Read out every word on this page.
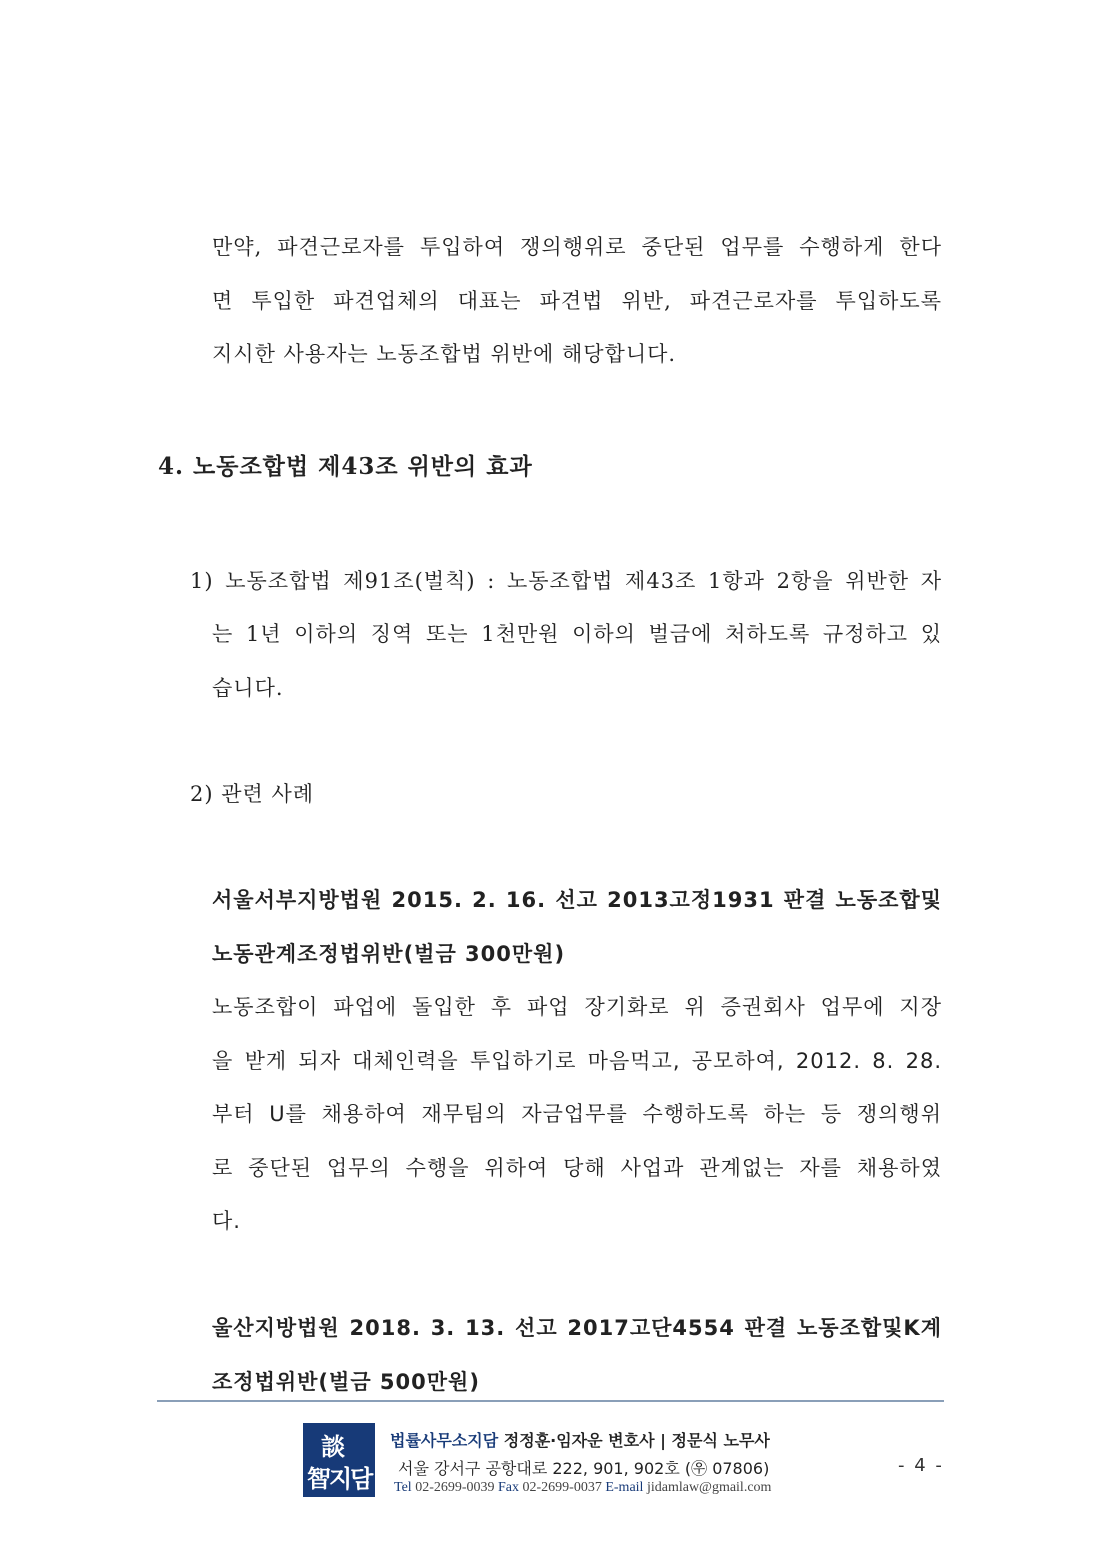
만약, 파견근로자를 투입하여 쟁의행위로 중단된 업무를 수행하게 한다
면 투입한 파견업체의 대표는 파견법 위반, 파견근로자를 투입하도록
지시한 사용자는 노동조합법 위반에 해당합니다.
4. 노동조합법 제43조 위반의 효과
1) 노동조합법 제91조(벌칙) : 노동조합법 제43조 1항과 2항을 위반한 자
는 1년 이하의 징역 또는 1천만원 이하의 벌금에 처하도록 규정하고 있
습니다.
2) 관련 사례
서울서부지방법원 2015. 2. 16. 선고 2013고정1931 판결 노동조합및
노동관계조정법위반(벌금 300만원)
노동조합이 파업에 돌입한 후 파업 장기화로 위 증권회사 업무에 지장
을 받게 되자 대체인력을 투입하기로 마음먹고, 공모하여, 2012. 8. 28.
부터 U를 채용하여 재무팀의 자금업무를 수행하도록 하는 등 쟁의행위
로 중단된 업무의 수행을 위하여 당해 사업과 관계없는 자를 채용하였
다.
울산지방법원 2018. 3. 13. 선고 2017고단4554 판결 노동조합및K계
조정법위반(벌금 500만원)
談
智지담
법률사무소지담 정정훈·임자운 변호사 | 정문식 노무사
서울 강서구 공항대로 222, 901, 902호 (㉾ 07806)
Tel 02-2699-0039 Fax 02-2699-0037 E-mail jidamlaw@gmail.com
- 4 -
